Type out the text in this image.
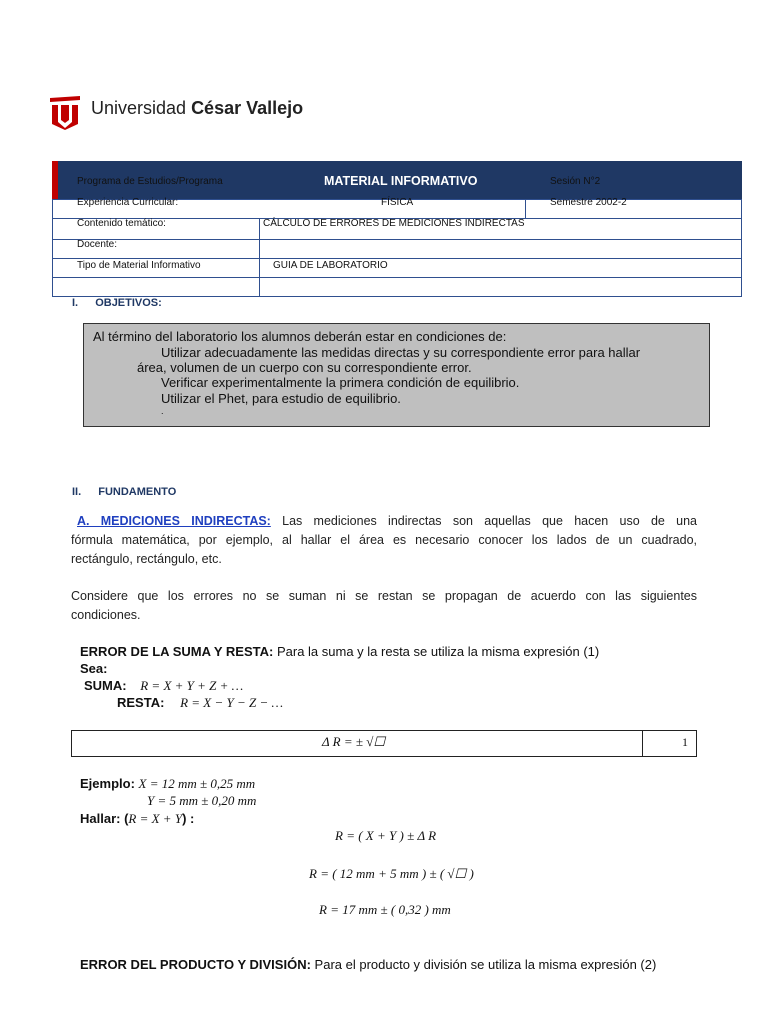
Universidad César Vallejo
Programa de Estudios/Programa	MATERIAL INFORMATIVO	Sesión N°2
Experiencia Curricular:	FÍSICA	Semestre 2002-2
Contenido temático:	CÁLCULO DE ERRORES DE MEDICIONES INDIRECTAS
Docente:
Tipo de Material Informativo	GUIA DE LABORATORIO
I. OBJETIVOS:
Al término del laboratorio los alumnos deberán estar en condiciones de:
Utilizar adecuadamente las medidas directas y su correspondiente error para hallar
área, volumen de un cuerpo con su correspondiente error.
Verificar experimentalmente la primera condición de equilibrio.
Utilizar el Phet, para estudio de equilibrio.
.
II. FUNDAMENTO
A. MEDICIONES INDIRECTAS: Las mediciones indirectas son aquellas que hacen uso de una
fórmula matemática, por ejemplo, al hallar el área es necesario conocer los lados de un cuadrado,
rectángulo, rectángulo, etc.
Considere que los errores no se suman ni se restan se propagan de acuerdo con las siguientes
condiciones.
ERROR DE LA SUMA Y RESTA: Para la suma y la resta se utiliza la misma expresión (1)
Sea:
SUMA: R = X + Y + Z + …
RESTA: R = X − Y − Z − …
Δ R = ± √☐	1
Ejemplo: X = 12 mm ± 0,25 mm
Y = 5 mm ± 0,20 mm
Hallar: (R = X + Y) :
R = ( X + Y ) ± Δ R
R = ( 12 mm + 5 mm ) ± ( √☐ )
R = 17 mm ± ( 0,32 ) mm
ERROR DEL PRODUCTO Y DIVISIÓN: Para el producto y división se utiliza la misma expresión (2)
